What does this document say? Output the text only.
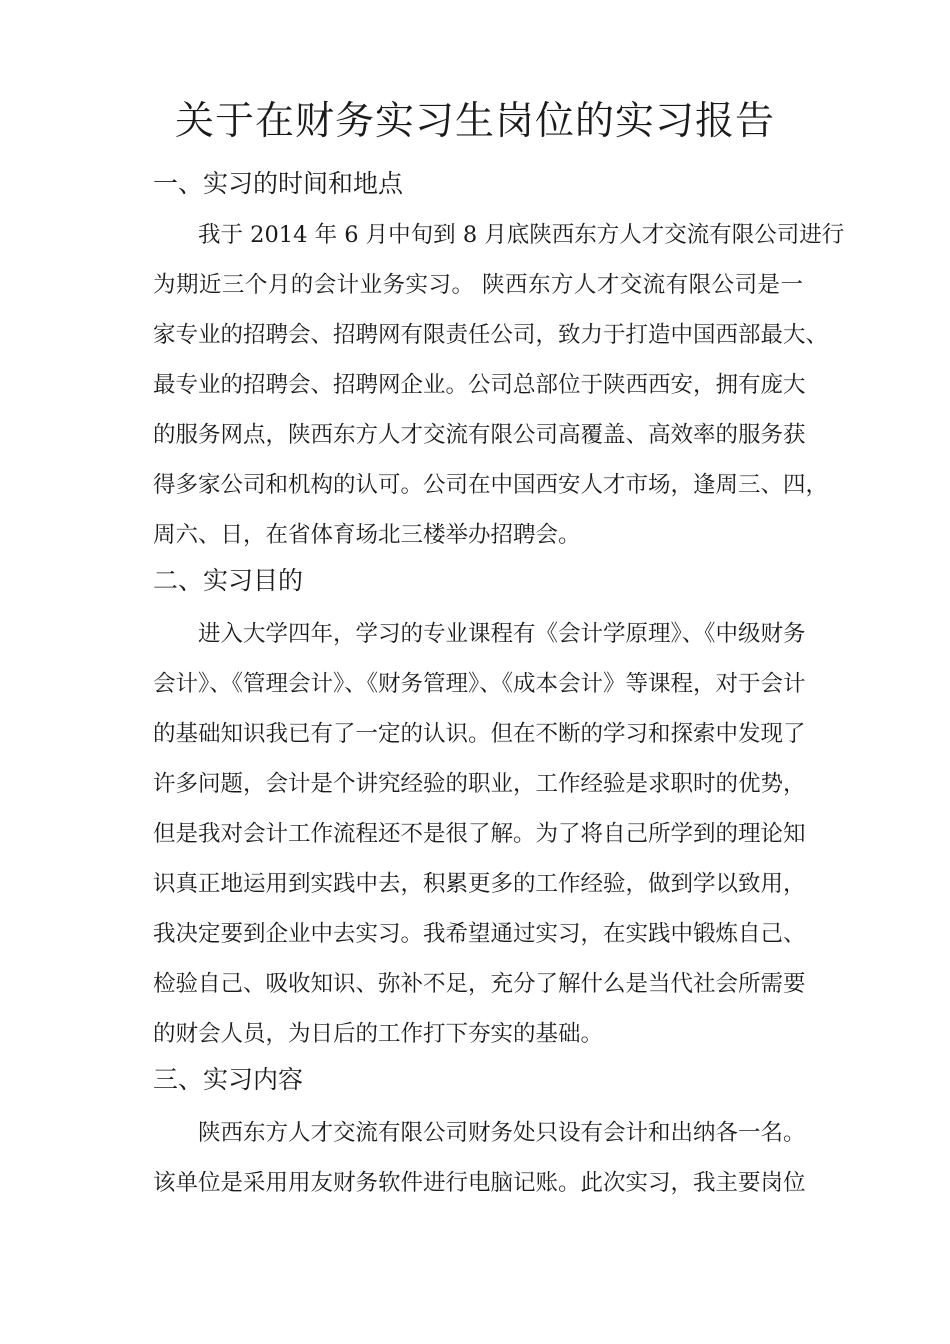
关于在财务实习生岗位的实习报告
一、实习的时间和地点
我于 2014 年 6 月中旬到 8 月底陕西东方人才交流有限公司进行
为期近三个月的会计业务实习。 陕西东方人才交流有限公司是一
家专业的招聘会、招聘网有限责任公司，致力于打造中国西部最大、
最专业的招聘会、招聘网企业。公司总部位于陕西西安，拥有庞大
的服务网点，陕西东方人才交流有限公司高覆盖、高效率的服务获
得多家公司和机构的认可。公司在中国西安人才市场，逢周三、四，
周六、日，在省体育场北三楼举办招聘会。
二、实习目的
进入大学四年，学习的专业课程有《会计学原理》、《中级财务
会计》、《管理会计》、《财务管理》、《成本会计》等课程，对于会计
的基础知识我已有了一定的认识。但在不断的学习和探索中发现了
许多问题，会计是个讲究经验的职业，工作经验是求职时的优势，
但是我对会计工作流程还不是很了解。为了将自己所学到的理论知
识真正地运用到实践中去，积累更多的工作经验，做到学以致用，
我决定要到企业中去实习。我希望通过实习，在实践中锻炼自己、
检验自己、吸收知识、弥补不足，充分了解什么是当代社会所需要
的财会人员，为日后的工作打下夯实的基础。
三、实习内容
陕西东方人才交流有限公司财务处只设有会计和出纳各一名。
该单位是采用用友财务软件进行电脑记账。此次实习，我主要岗位
